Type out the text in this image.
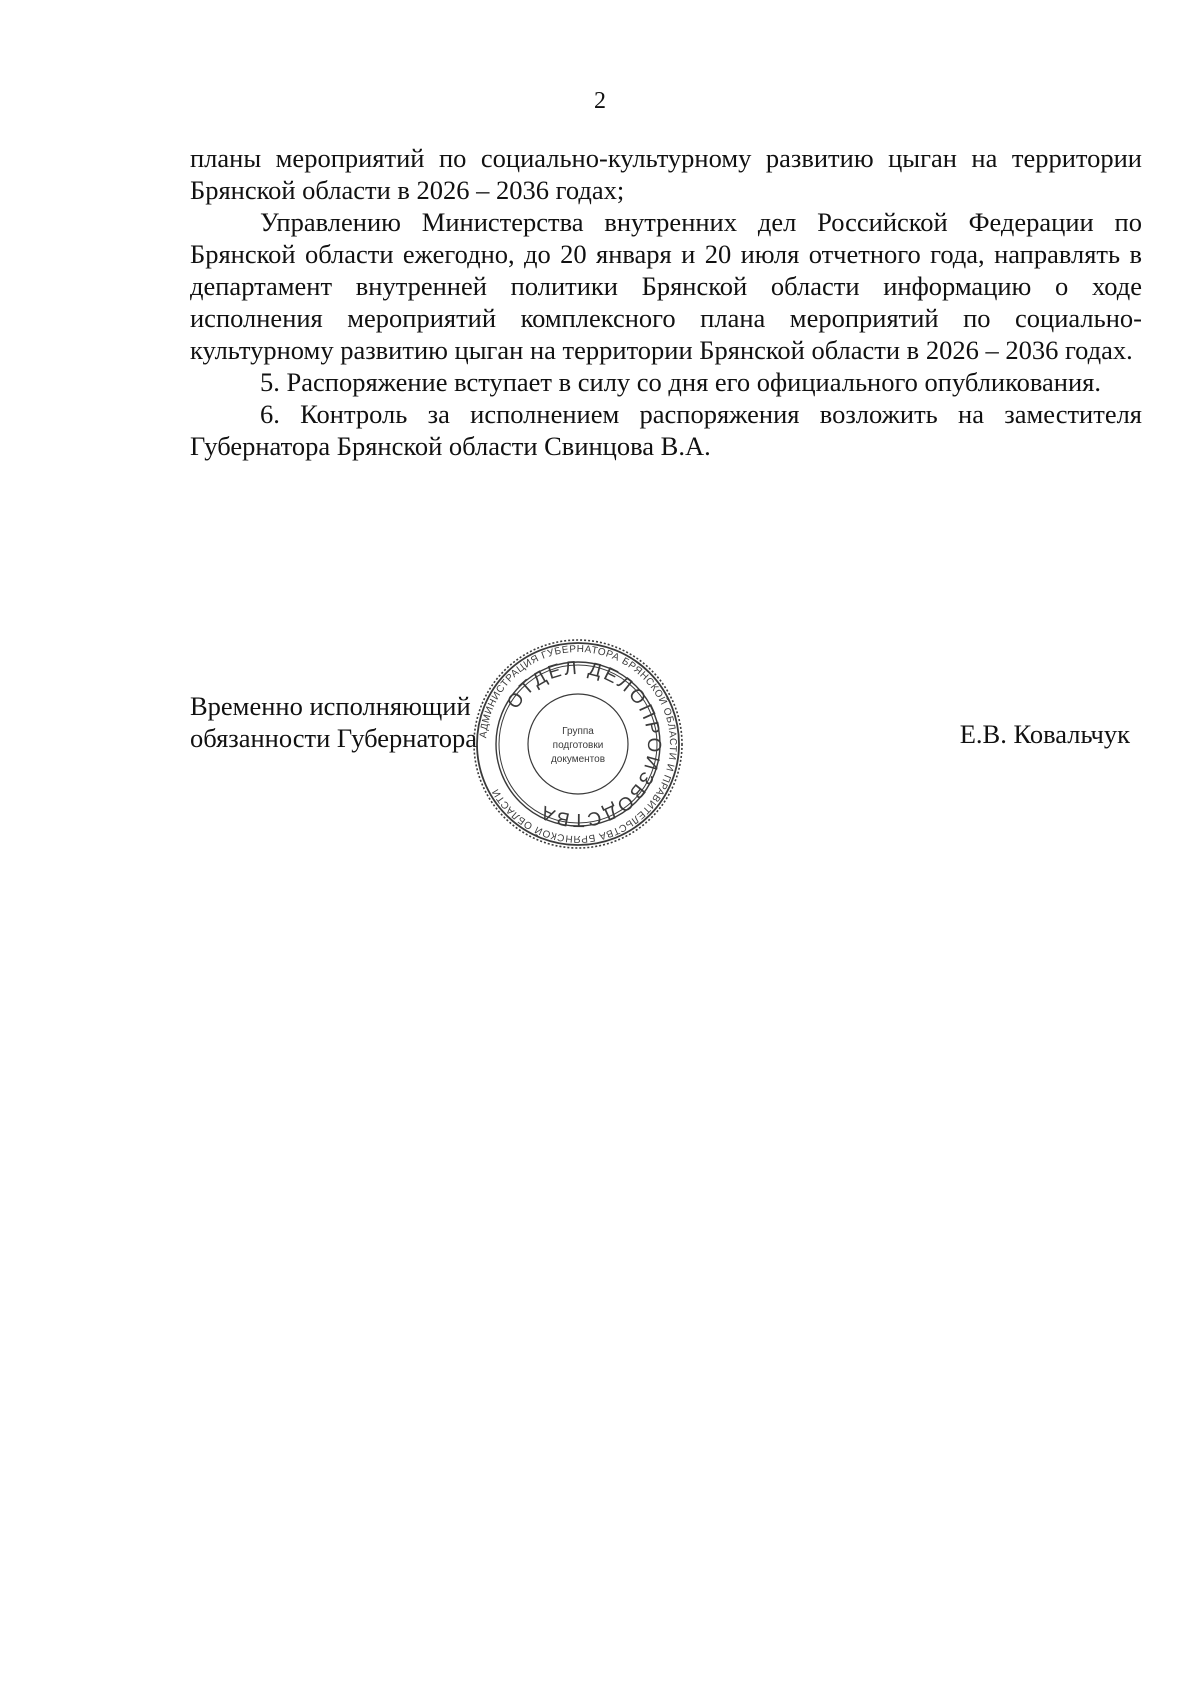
2

планы мероприятий по социально-культурному развитию цыган на территории Брянской области в 2026 – 2036 годах;

Управлению Министерства внутренних дел Российской Федерации по Брянской области ежегодно, до 20 января и 20 июля отчетного года, направлять в департамент внутренней политики Брянской области информацию о ходе исполнения мероприятий комплексного плана мероприятий по социально-культурному развитию цыган на территории Брянской области в 2026 – 2036 годах.

5. Распоряжение вступает в силу со дня его официального опубликования.

6. Контроль за исполнением распоряжения возложить на заместителя Губернатора Брянской области Свинцова В.А.

Временно исполняющий
обязанности Губернатора	Е.В. Ковальчук
АДМИНИСТРАЦИЯ ГУБЕРНАТОРА БРЯНСКОЙ ОБЛАСТИ И ПРАВИТЕЛЬСТВА БРЯНСКОЙ ОБЛАСТИ
ОТДЕЛ ДЕЛОПРОИЗВОДСТВА
Группа
подготовки
документов
